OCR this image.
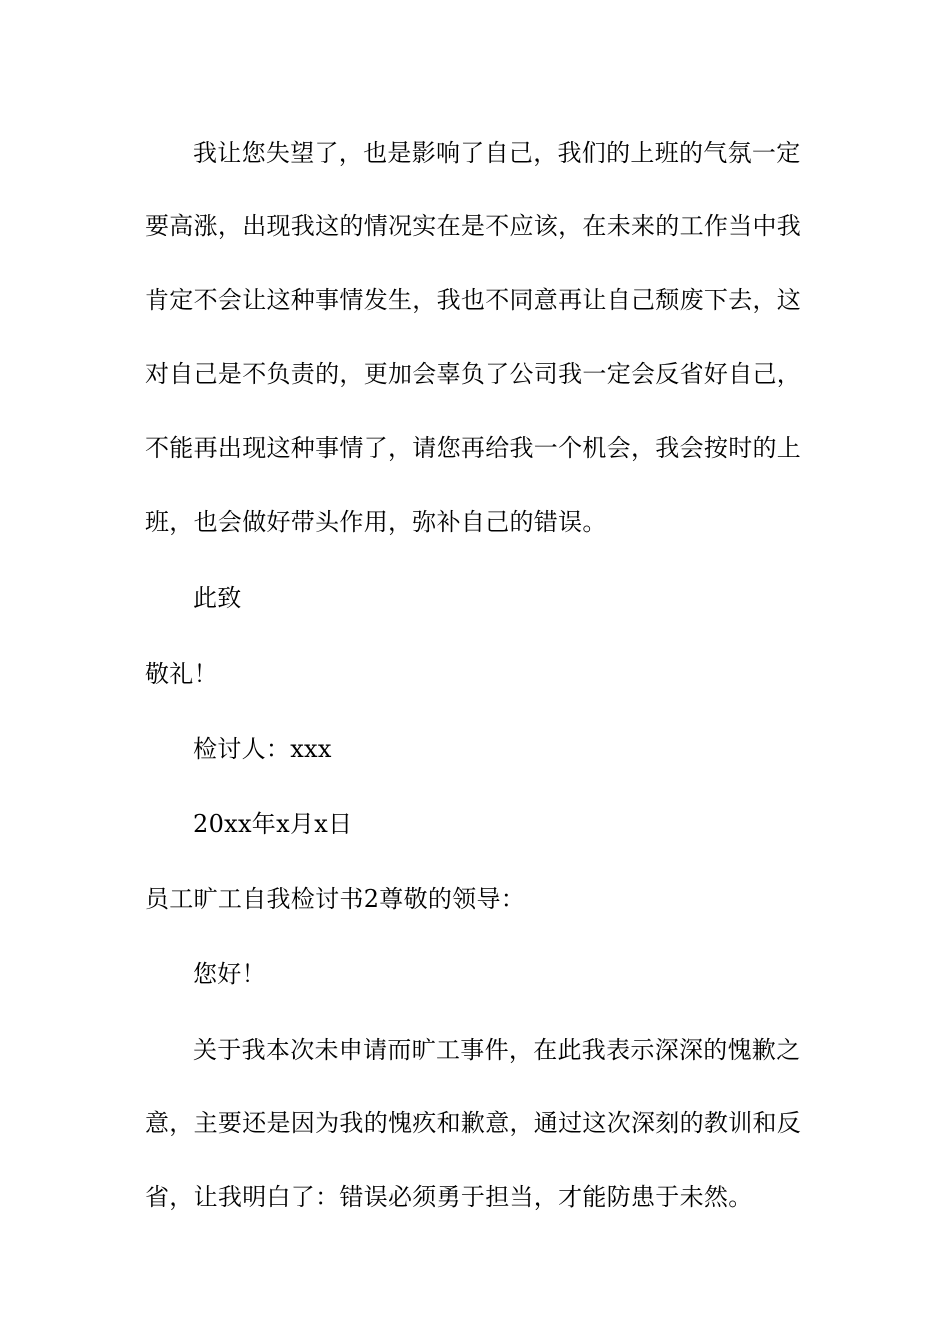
我让您失望了，也是影响了自己，我们的上班的气氛一定
要高涨，出现我这的情况实在是不应该，在未来的工作当中我
肯定不会让这种事情发生，我也不同意再让自己颓废下去，这
对自己是不负责的，更加会辜负了公司我一定会反省好自己，
不能再出现这种事情了，请您再给我一个机会，我会按时的上
班，也会做好带头作用，弥补自己的错误。
此致
敬礼！
检讨人：xxx
20xx年x月x日
员工旷工自我检讨书2尊敬的领导：
您好！
关于我本次未申请而旷工事件，在此我表示深深的愧歉之
意，主要还是因为我的愧疚和歉意，通过这次深刻的教训和反
省，让我明白了：错误必须勇于担当，才能防患于未然。
